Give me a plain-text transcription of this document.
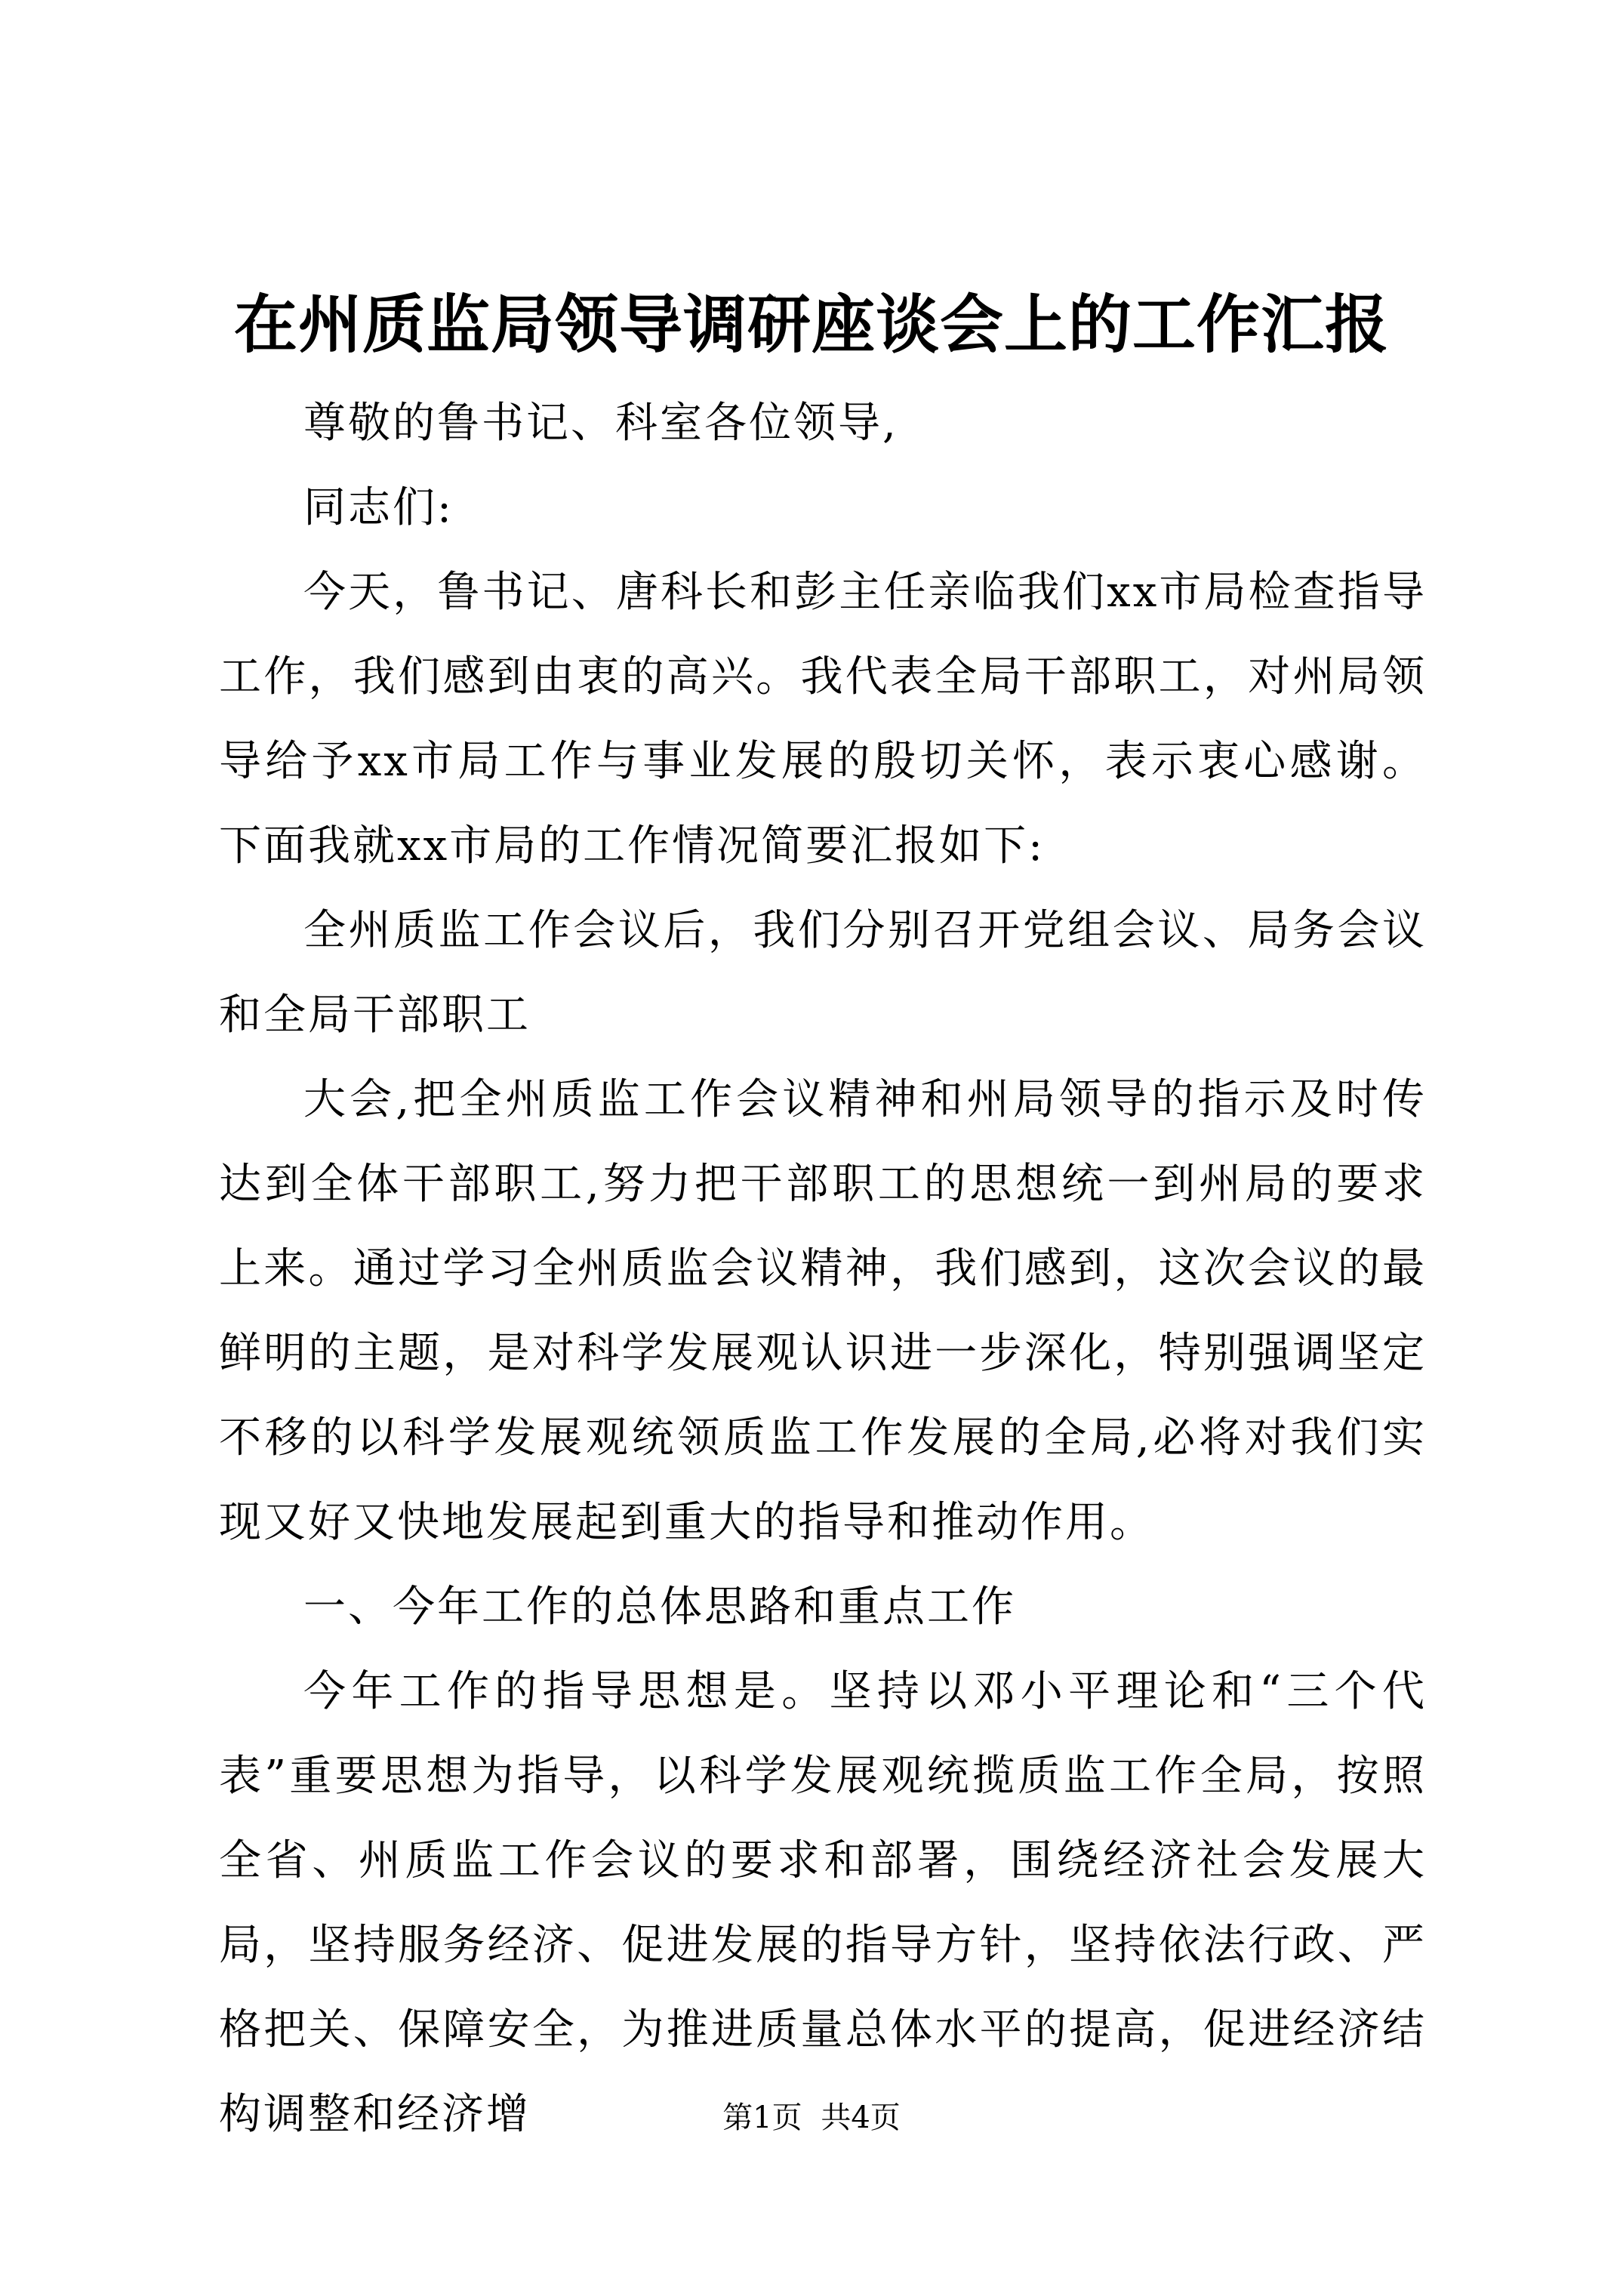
在州质监局领导调研座谈会上的工作汇报

尊敬的鲁书记、科室各位领导,

同志们:

今天，鲁书记、唐科长和彭主任亲临我们xx市局检查指导工作，我们感到由衷的高兴。我代表全局干部职工，对州局领导给予xx市局工作与事业发展的殷切关怀，表示衷心感谢。下面我就xx市局的工作情况简要汇报如下:

全州质监工作会议后，我们分别召开党组会议、局务会议和全局干部职工

大会,把全州质监工作会议精神和州局领导的指示及时传达到全体干部职工,努力把干部职工的思想统一到州局的要求上来。通过学习全州质监会议精神，我们感到，这次会议的最鲜明的主题，是对科学发展观认识进一步深化，特别强调坚定不移的以科学发展观统领质监工作发展的全局,必将对我们实现又好又快地发展起到重大的指导和推动作用。

一、今年工作的总体思路和重点工作

今年工作的指导思想是。坚持以邓小平理论和“三个代表”重要思想为指导，以科学发展观统揽质监工作全局，按照全省、州质监工作会议的要求和部署，围绕经济社会发展大局，坚持服务经济、促进发展的指导方针，坚持依法行政、严格把关、保障安全，为推进质量总体水平的提高，促进经济结构调整和经济增	第1页 共4页
